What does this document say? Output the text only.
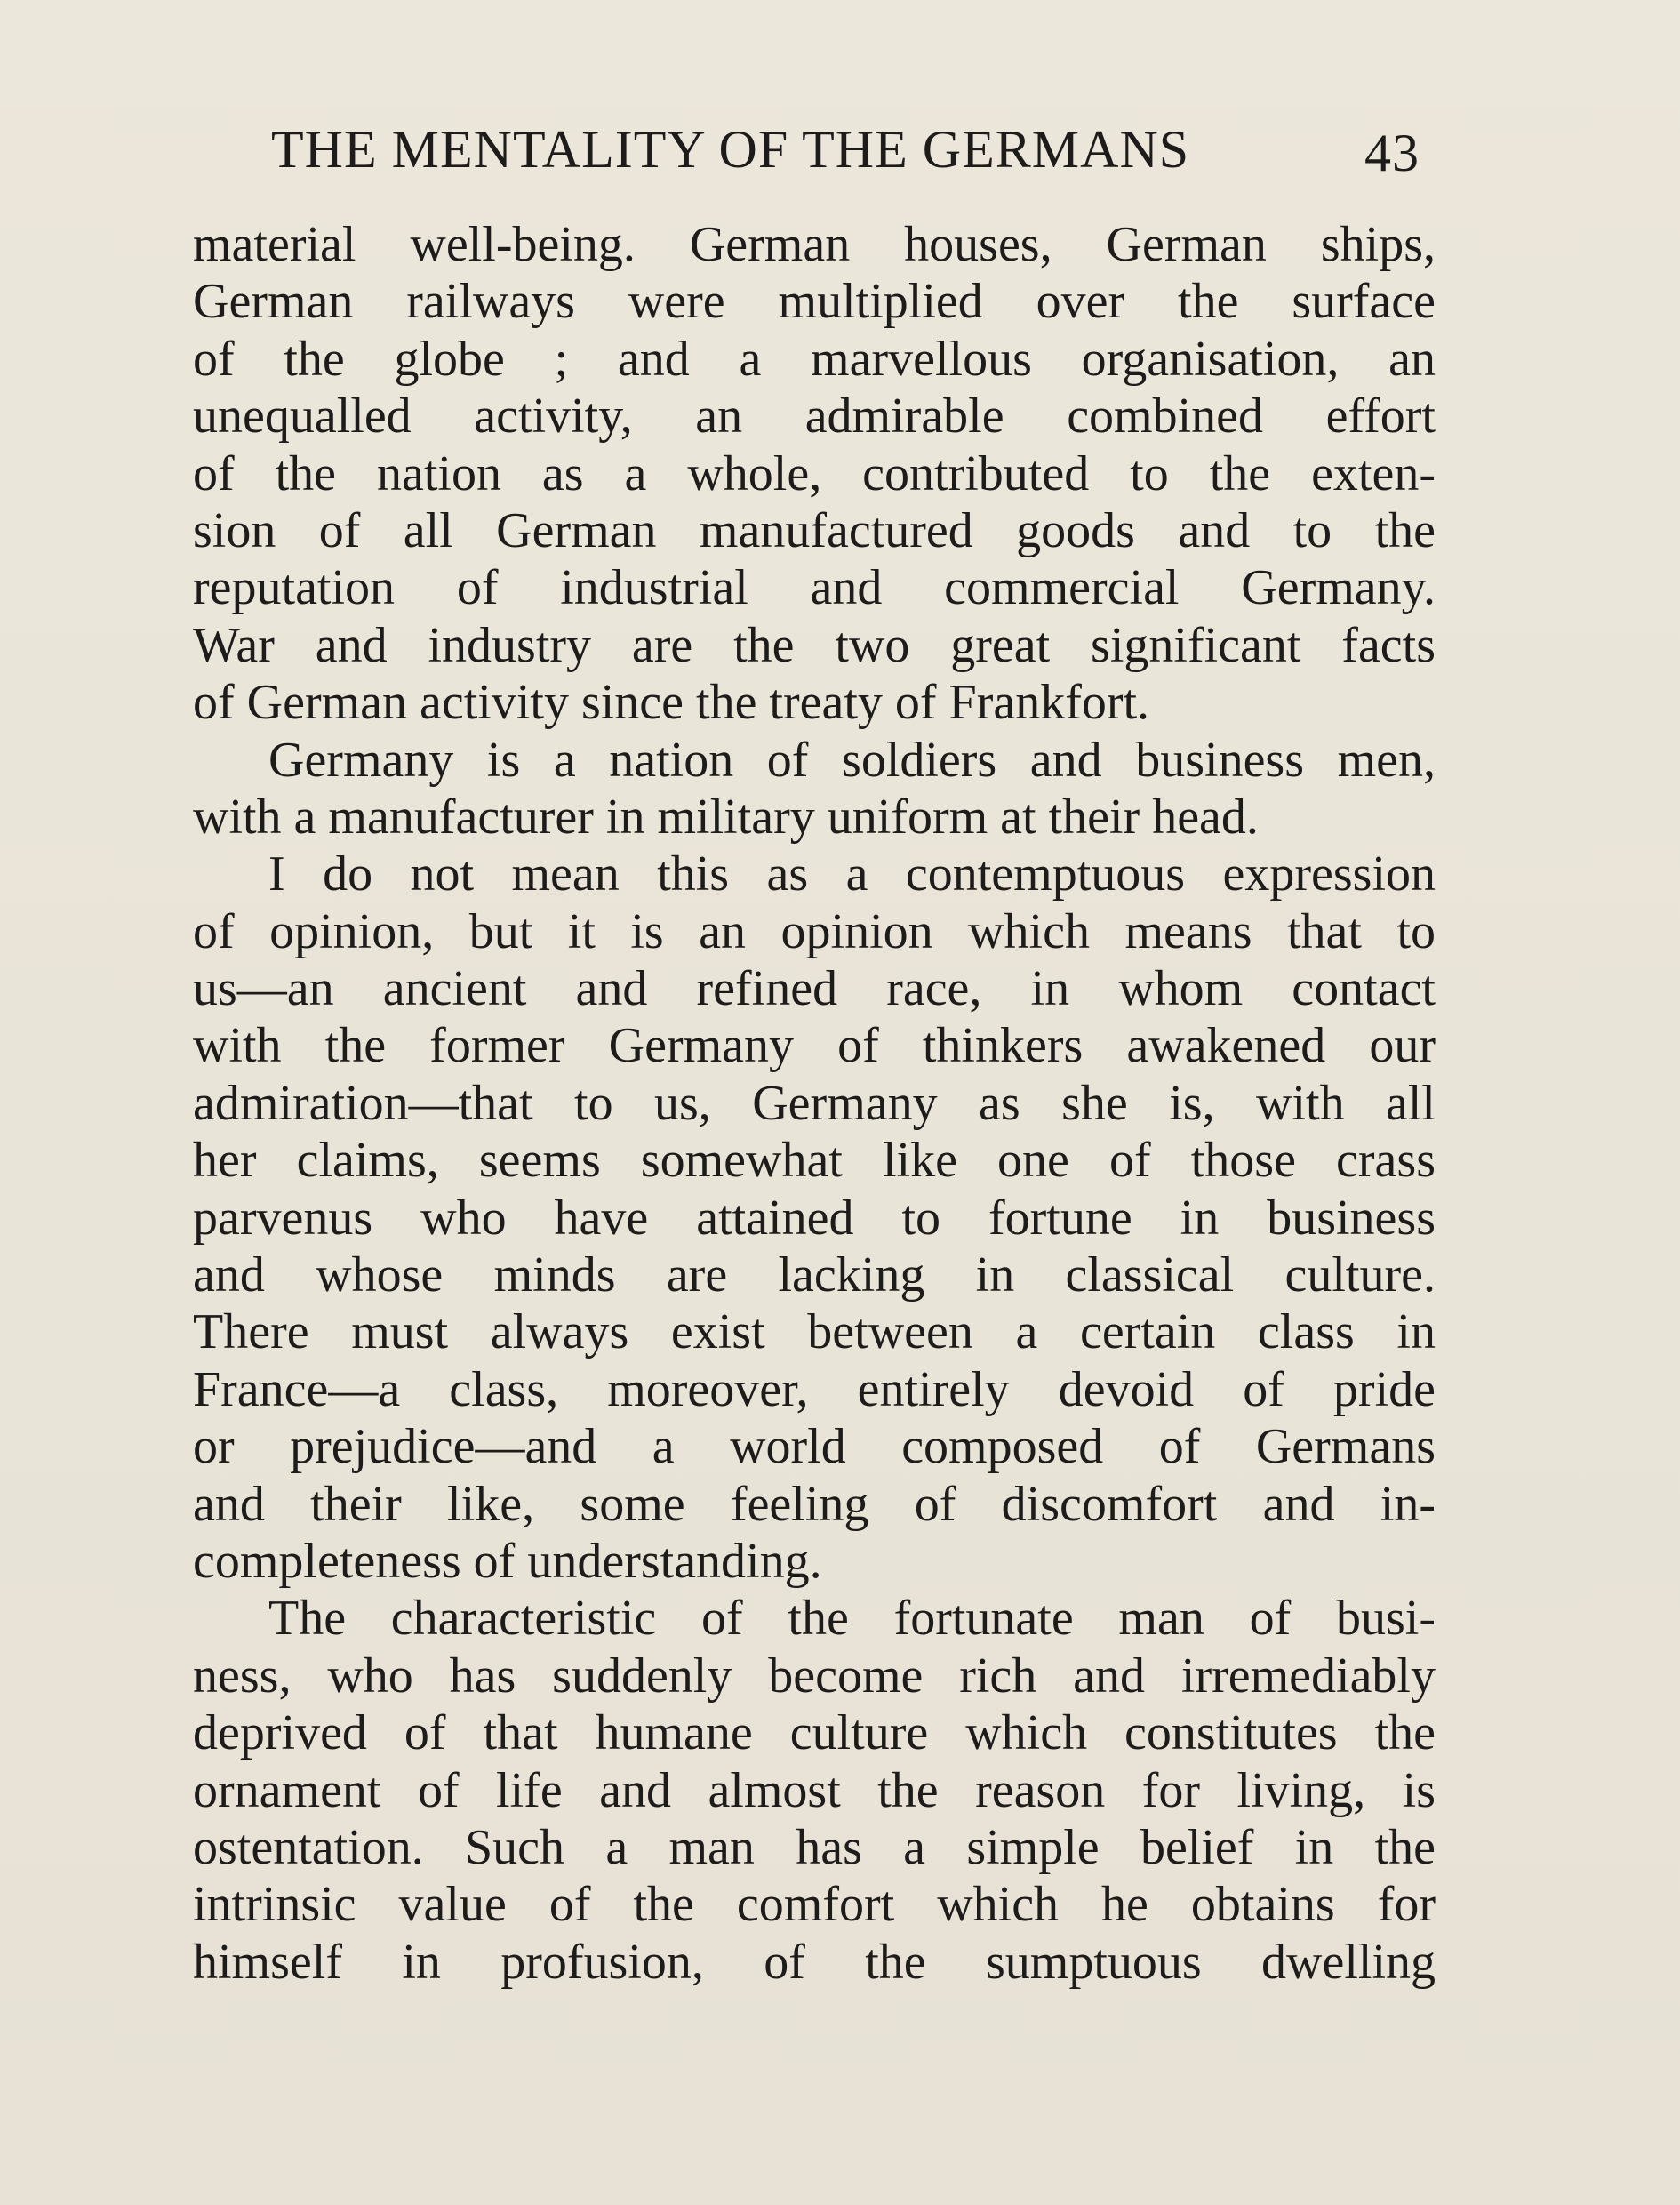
THE MENTALITY OF THE GERMANS	43
material well-being. German houses, German ships,
German railways were multiplied over the surface
of the globe ; and a marvellous organisation, an
unequalled activity, an admirable combined effort
of the nation as a whole, contributed to the exten-
sion of all German manufactured goods and to the
reputation of industrial and commercial Germany.
War and industry are the two great significant facts
of German activity since the treaty of Frankfort.
Germany is a nation of soldiers and business men,
with a manufacturer in military uniform at their head.
I do not mean this as a contemptuous expression
of opinion, but it is an opinion which means that to
us—an ancient and refined race, in whom contact
with the former Germany of thinkers awakened our
admiration—that to us, Germany as she is, with all
her claims, seems somewhat like one of those crass
parvenus who have attained to fortune in business
and whose minds are lacking in classical culture.
There must always exist between a certain class in
France—a class, moreover, entirely devoid of pride
or prejudice—and a world composed of Germans
and their like, some feeling of discomfort and in-
completeness of understanding.
The characteristic of the fortunate man of busi-
ness, who has suddenly become rich and irremediably
deprived of that humane culture which constitutes the
ornament of life and almost the reason for living, is
ostentation. Such a man has a simple belief in the
intrinsic value of the comfort which he obtains for
himself in profusion, of the sumptuous dwelling
